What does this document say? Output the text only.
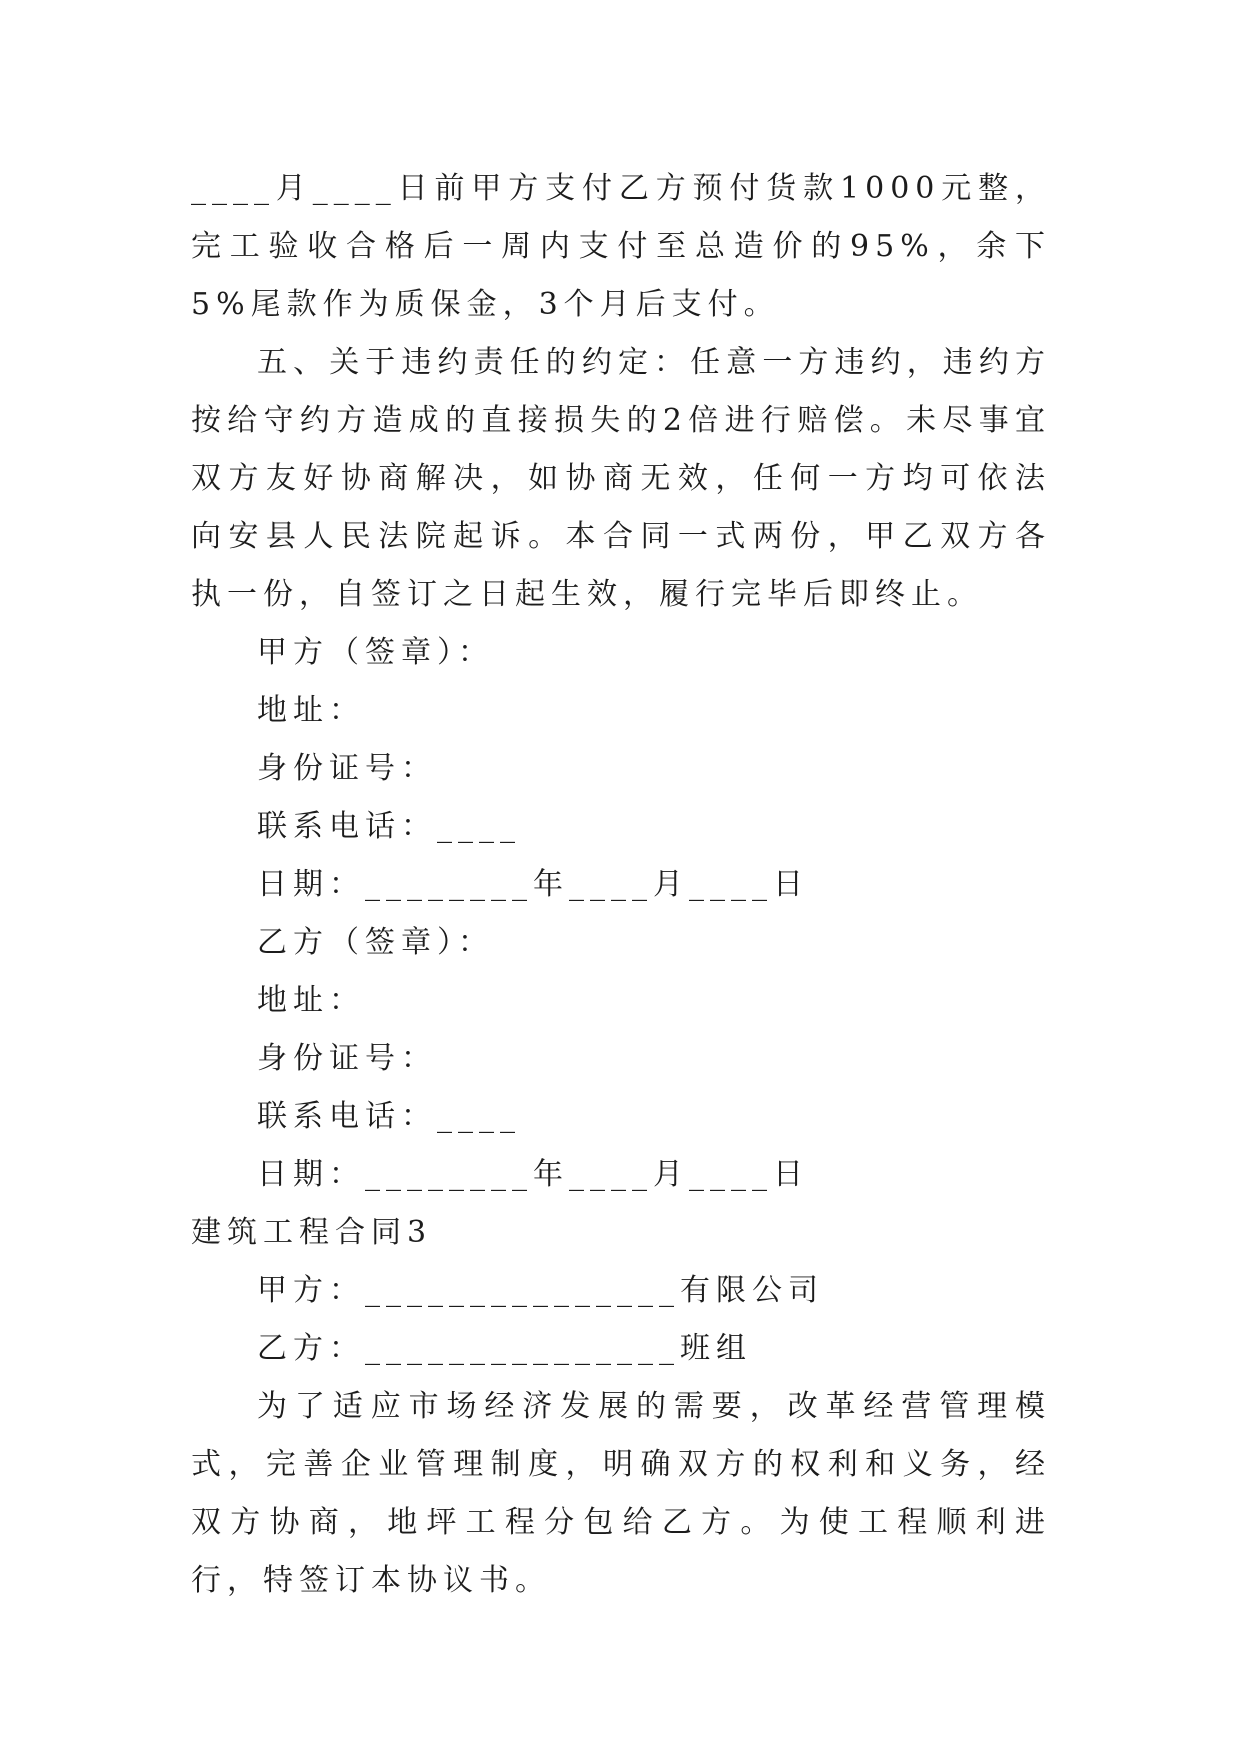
____月____日前甲方支付乙方预付货款1000元整，完工验收合格后一周内支付至总造价的95%，余下5%尾款作为质保金，3个月后支付。

五、关于违约责任的约定：任意一方违约，违约方按给守约方造成的直接损失的2倍进行赔偿。未尽事宜双方友好协商解决，如协商无效，任何一方均可依法向安县人民法院起诉。本合同一式两份，甲乙双方各执一份，自签订之日起生效，履行完毕后即终止。

甲方（签章）：

地址：

身份证号：

联系电话：____

日期：________年____月____日

乙方（签章）：

地址：

身份证号：

联系电话：____

日期：________年____月____日

建筑工程合同3

甲方：_______________有限公司

乙方：_______________班组

为了适应市场经济发展的需要，改革经营管理模式，完善企业管理制度，明确双方的权利和义务，经双方协商，地坪工程分包给乙方。为使工程顺利进行，特签订本协议书。
